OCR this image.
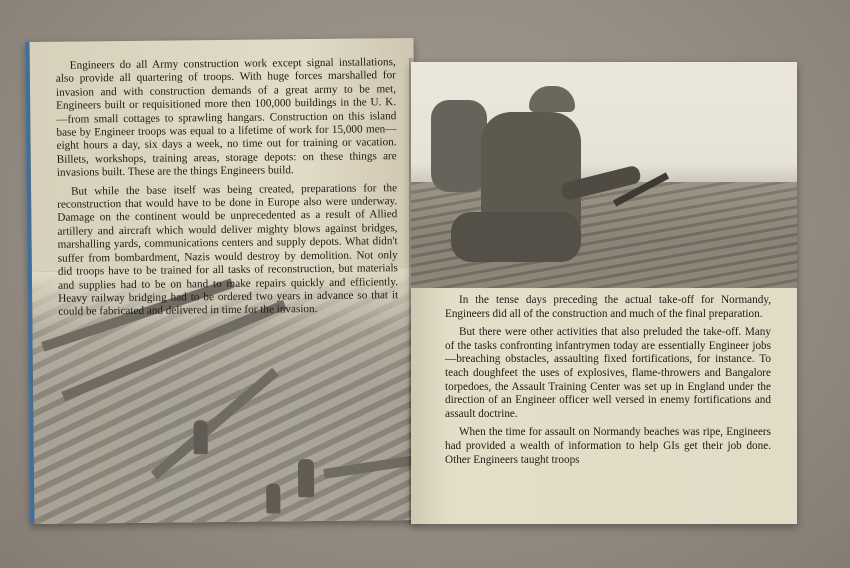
Engineers do all Army construction work except signal installations, also provide all quartering of troops. With huge forces marshalled for invasion and with construction demands of a great army to be met, Engineers built or requisitioned more then 100,000 buildings in the U. K. —from small cottages to sprawling hangars. Construction on this island base by Engineer troops was equal to a lifetime of work for 15,000 men—eight hours a day, six days a week, no time out for training or vacation. Billets, workshops, training areas, storage depots: on these things are invasions built. These are the things Engineers build.

But while the base itself was being created, preparations for the reconstruction that would have to be done in Europe also were underway. Damage on the continent would be unprecedented as a result of Allied artillery and aircraft which would deliver mighty blows against bridges, marshalling yards, communications centers and supply depots. What didn't suffer from bombardment, Nazis would destroy by demolition. Not only did troops have to be trained for all tasks of reconstruction, but materials and supplies had to be on hand to make repairs quickly and efficiently. Heavy railway bridging had to be ordered two years in advance so that it could be fabricated and delivered in time for the invasion.

In the tense days preceding the actual take-off for Normandy, Engineers did all of the construction and much of the final preparation.

But there were other activities that also preluded the take-off. Many of the tasks confronting infantrymen today are essentially Engineer jobs—breaching obstacles, assaulting fixed fortifications, for instance. To teach doughfeet the uses of explosives, flame-throwers and Bangalore torpedoes, the Assault Training Center was set up in England under the direction of an Engineer officer well versed in enemy fortifications and assault doctrine.

When the time for assault on Normandy beaches was ripe, Engineers had provided a wealth of information to help GIs get their job done. Other Engineers taught troops
